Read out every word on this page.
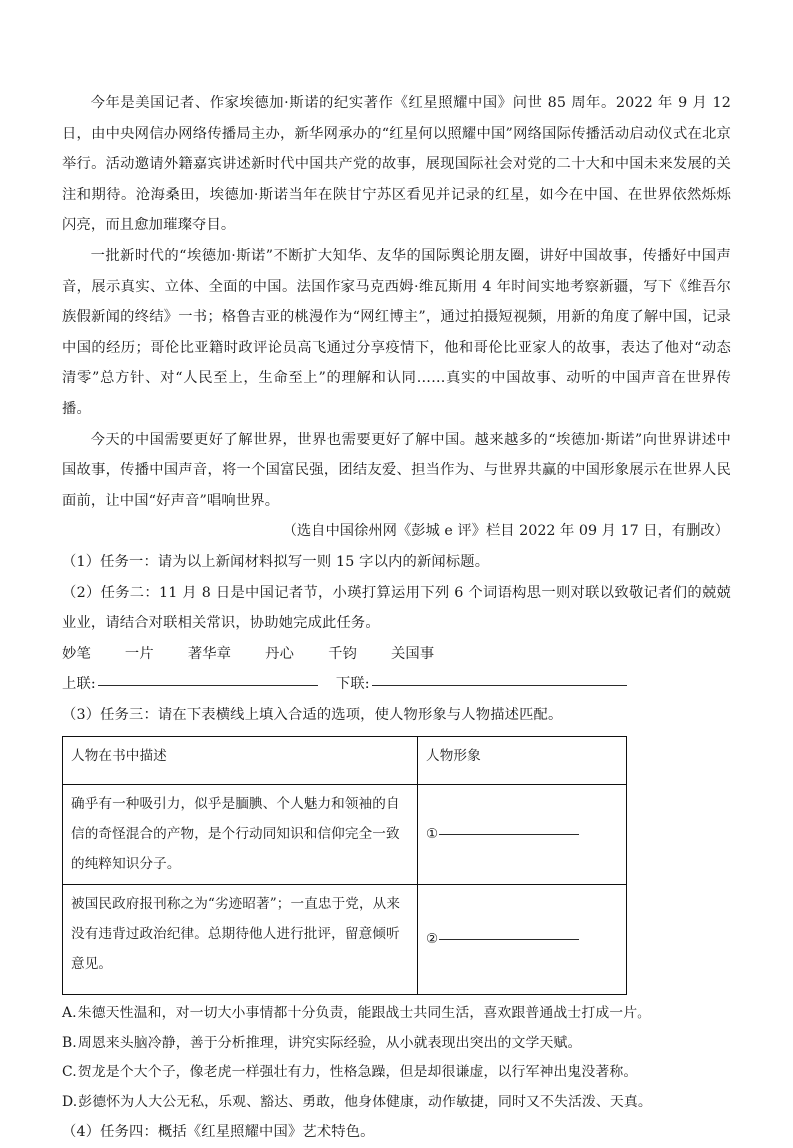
今年是美国记者、作家埃德加·斯诺的纪实著作《红星照耀中国》问世 85 周年。2022 年 9 月 12 日，由中央网信办网络传播局主办，新华网承办的“红星何以照耀中国”网络国际传播活动启动仪式在北京举行。活动邀请外籍嘉宾讲述新时代中国共产党的故事，展现国际社会对党的二十大和中国未来发展的关注和期待。沧海桑田，埃德加·斯诺当年在陕甘宁苏区看见并记录的红星，如今在中国、在世界依然烁烁闪亮，而且愈加璀璨夺目。

一批新时代的“埃德加·斯诺”不断扩大知华、友华的国际舆论朋友圈，讲好中国故事，传播好中国声音，展示真实、立体、全面的中国。法国作家马克西姆·维瓦斯用 4 年时间实地考察新疆，写下《维吾尔族假新闻的终结》一书；格鲁吉亚的桃漫作为“网红博主”，通过拍摄短视频，用新的角度了解中国，记录中国的经历；哥伦比亚籍时政评论员高飞通过分享疫情下，他和哥伦比亚家人的故事，表达了他对“动态清零”总方针、对“人民至上，生命至上”的理解和认同……真实的中国故事、动听的中国声音在世界传播。

今天的中国需要更好了解世界，世界也需要更好了解中国。越来越多的“埃德加·斯诺”向世界讲述中国故事，传播中国声音，将一个国富民强，团结友爱、担当作为、与世界共赢的中国形象展示在世界人民面前，让中国“好声音”唱响世界。

（选自中国徐州网《彭城 e 评》栏目 2022 年 09 月 17 日，有删改）

（1）任务一：请为以上新闻材料拟写一则 15 字以内的新闻标题。

（2）任务二：11 月 8 日是中国记者节，小瑛打算运用下列 6 个词语构思一则对联以致敬记者们的兢兢业业，请结合对联相关常识，协助她完成此任务。

妙笔 一片 著华章 丹心 千钧 关国事
上联:	下联:

（3）任务三：请在下表横线上填入合适的选项，使人物形象与人物描述匹配。

人物在书中描述	人物形象
确乎有一种吸引力，似乎是腼腆、个人魅力和领袖的自信的奇怪混合的产物，是个行动同知识和信仰完全一致的纯粹知识分子。	①

被国民政府报刊称之为“劣迹昭著”；一直忠于党，从来没有违背过政治纪律。总期待他人进行批评，留意倾听意见。	②

A.朱德天性温和，对一切大小事情都十分负责，能跟战士共同生活，喜欢跟普通战士打成一片。

B.周恩来头脑冷静，善于分析推理，讲究实际经验，从小就表现出突出的文学天赋。

C.贺龙是个大个子，像老虎一样强壮有力，性格急躁，但是却很谦虚，以行军神出鬼没著称。

D.彭德怀为人大公无私，乐观、豁达、勇敢，他身体健康，动作敏捷，同时又不失活泼、天真。

（4）任务四：概括《红星照耀中国》艺术特色。
